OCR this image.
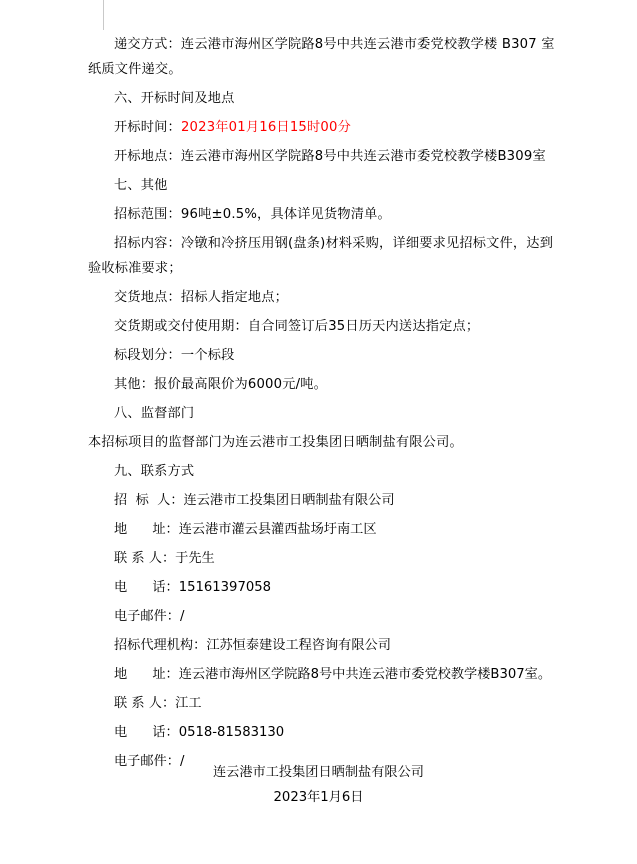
递交方式：连云港市海州区学院路8号中共连云港市委党校教学楼 B307 室纸质文件递交。

六、开标时间及地点

开标时间：2023年01月16日15时00分

开标地点：连云港市海州区学院路8号中共连云港市委党校教学楼B309室

七、其他

招标范围：96吨±0.5%，具体详见货物清单。

招标内容：冷镦和冷挤压用钢(盘条)材料采购，详细要求见招标文件，达到验收标准要求；

交货地点：招标人指定地点；

交货期或交付使用期：自合同签订后35日历天内送达指定点；

标段划分：一个标段

其他：报价最高限价为6000元/吨。

八、监督部门

本招标项目的监督部门为连云港市工投集团日晒制盐有限公司。

九、联系方式

招  标  人：连云港市工投集团日晒制盐有限公司

地      址：连云港市灌云县灌西盐场圩南工区

联 系 人：于先生

电      话：15161397058

电子邮件：/

招标代理机构：江苏恒泰建设工程咨询有限公司

地      址：连云港市海州区学院路8号中共连云港市委党校教学楼B307室。

联 系 人：江工

电      话：0518-81583130

电子邮件：/

连云港市工投集团日晒制盐有限公司

2023年1月6日
